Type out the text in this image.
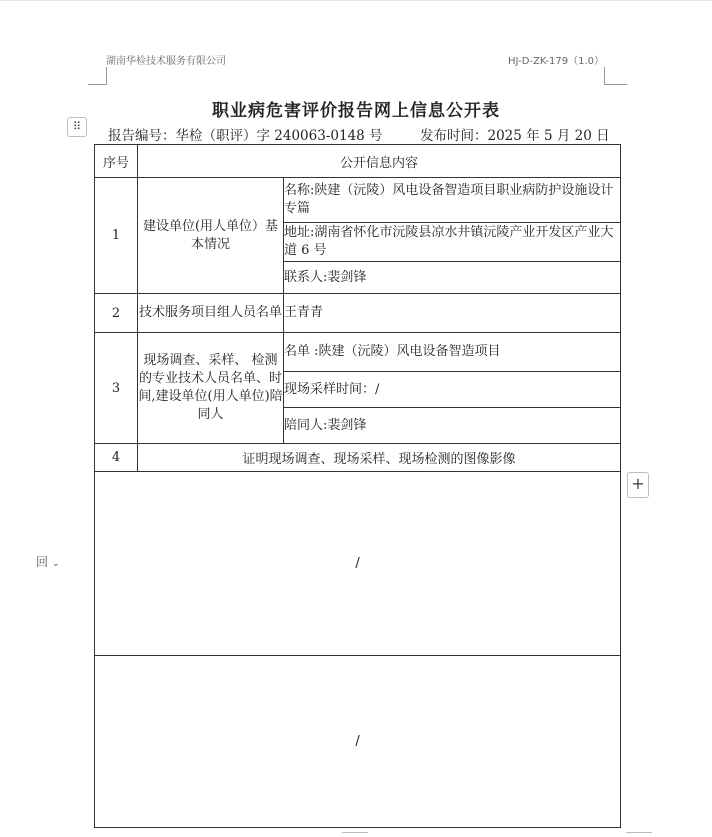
湖南华检技术服务有限公司	HJ-D-ZK-179（1.0）
职业病危害评价报告网上信息公开表
⠿
报告编号：华检（职评）字 240063-0148 号	发布时间：2025 年 5 月 20 日
序号	公开信息内容	
1	建设单位(用人单位）基本情况	名称:陕建（沅陵）风电设备智造项目职业病防护设施设计专篇
		地址:湖南省怀化市沅陵县凉水井镇沅陵产业开发区产业大道 6 号
		联系人:裴剑锋
2	技术服务项目组人员名单	王青青
3	现场调查、采样、 检测的专业技术人员名单、时间,建设单位(用人单位)陪同人	名单 :陕建（沅陵）风电设备智造项目
		现场采样时间：/
		陪同人:裴剑锋
4	证明现场调查、现场采样、现场检测的图像影像	
/		
/		
+
回 ⌄
